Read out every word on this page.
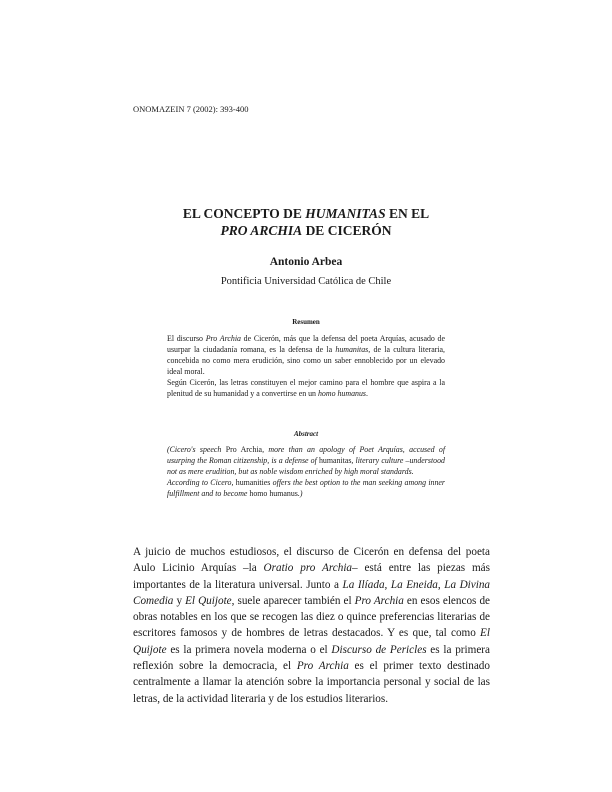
ONOMAZEIN 7 (2002): 393-400
EL CONCEPTO DE HUMANITAS EN EL
PRO ARCHIA DE CICERÓN
Antonio Arbea
Pontificia Universidad Católica de Chile
Resumen

El discurso Pro Archia de Cicerón, más que la defensa del poeta Arquías, acusado de usurpar la ciudadanía romana, es la defensa de la humanitas, de la cultura literaria, concebida no como mera erudición, sino como un saber ennoblecido por un elevado ideal moral.

Según Cicerón, las letras constituyen el mejor camino para el hombre que aspira a la plenitud de su humanidad y a convertirse en un homo humanus.

Abstract

(Cicero's speech Pro Archia, more than an apology of Poet Arquías, accused of usurping the Roman citizenship, is a defense of humanitas, literary culture –understood not as mere erudition, but as noble wisdom enriched by high moral standards.

According to Cicero, humanities offers the best option to the man seeking among inner fulfillment and to become homo humanus.)

A juicio de muchos estudiosos, el discurso de Cicerón en defensa del poeta Aulo Licinio Arquías –la Oratio pro Archia– está entre las piezas más importantes de la literatura universal. Junto a La Ilíada, La Eneida, La Divina Comedia y El Quijote, suele aparecer también el Pro Archia en esos elencos de obras notables en los que se recogen las diez o quince preferencias literarias de escritores famosos y de hombres de letras destacados. Y es que, tal como El Quijote es la primera novela moderna o el Discurso de Pericles es la primera reflexión sobre la democracia, el Pro Archia es el primer texto destinado centralmente a llamar la atención sobre la importancia personal y social de las letras, de la actividad literaria y de los estudios literarios.
